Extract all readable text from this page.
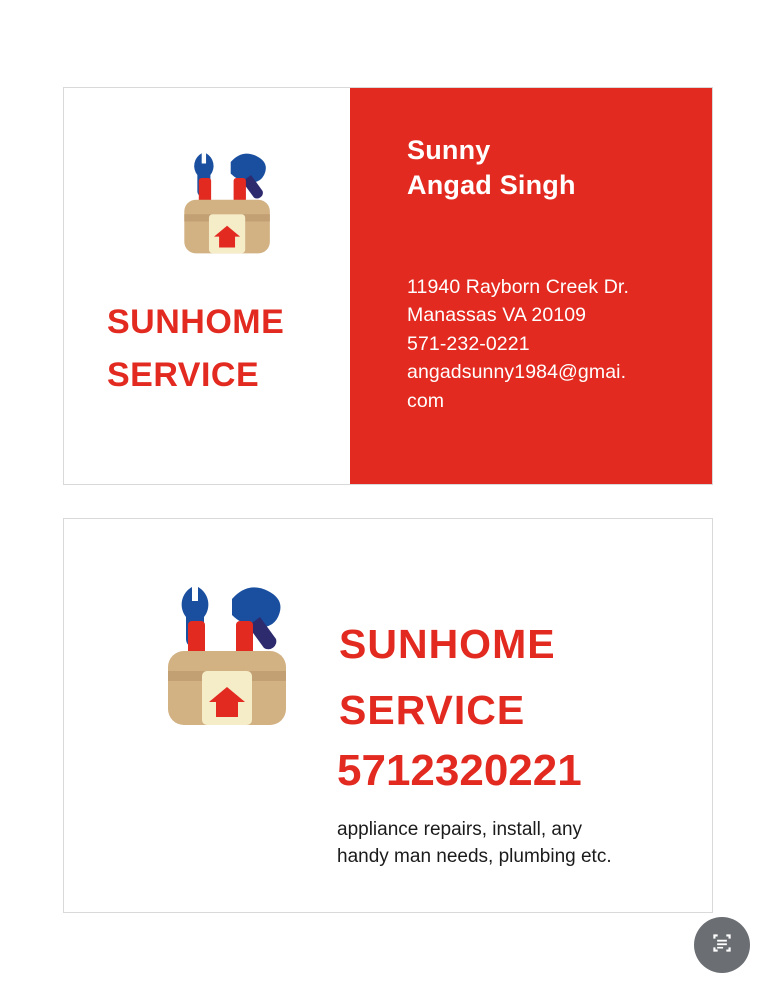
SUNHOME
SERVICE
Sunny
Angad Singh
11940 Rayborn Creek Dr.
Manassas VA 20109
571-232-0221
angadsunny1984@gmai.
com
SUNHOME
SERVICE
5712320221
appliance repairs, install, any
handy man needs, plumbing etc.
